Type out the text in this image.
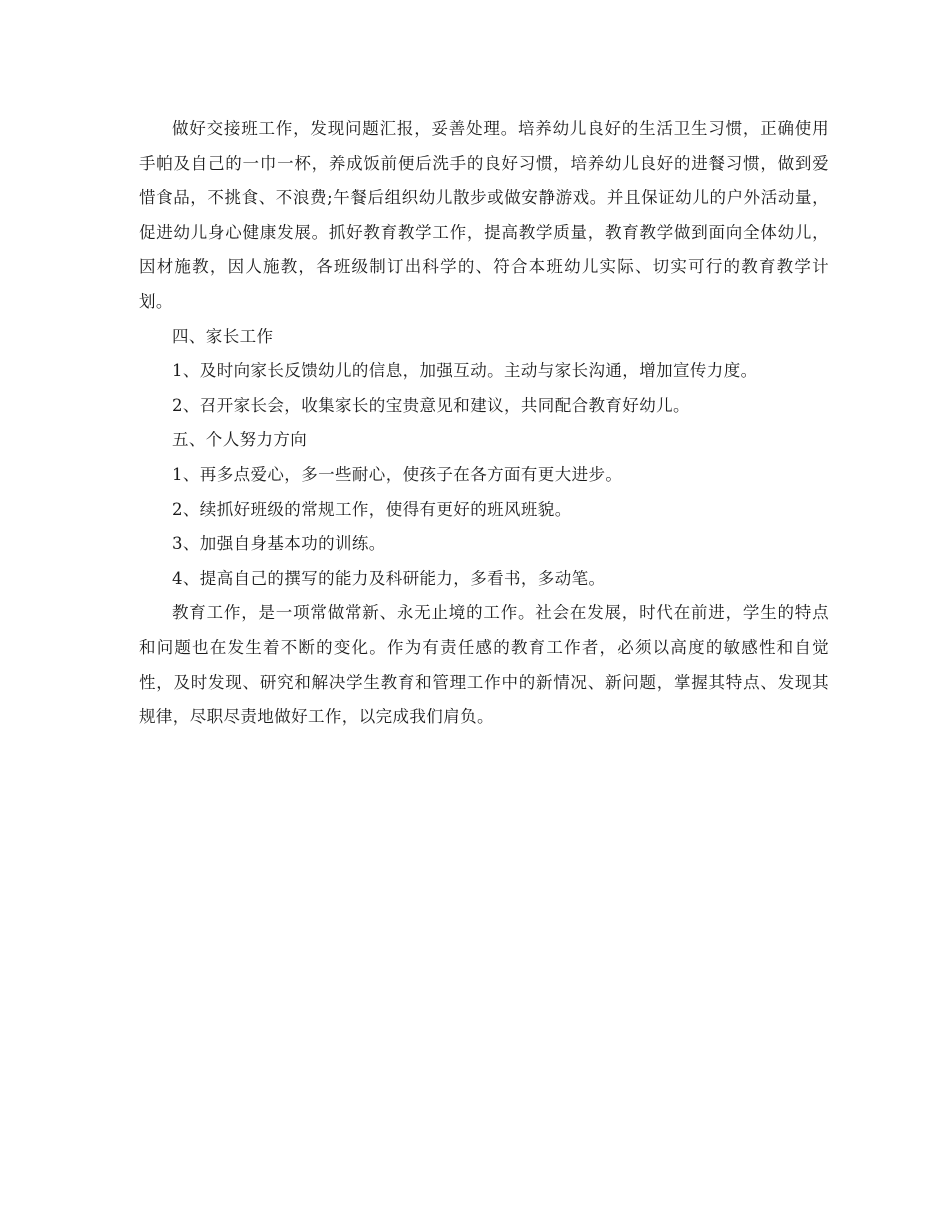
做好交接班工作，发现问题汇报，妥善处理。培养幼儿良好的生活卫生习惯，正确使用手帕及自己的一巾一杯，养成饭前便后洗手的良好习惯，培养幼儿良好的进餐习惯，做到爱惜食品，不挑食、不浪费;午餐后组织幼儿散步或做安静游戏。并且保证幼儿的户外活动量，促进幼儿身心健康发展。抓好教育教学工作，提高教学质量，教育教学做到面向全体幼儿，因材施教，因人施教，各班级制订出科学的、符合本班幼儿实际、切实可行的教育教学计划。

四、家长工作

1、及时向家长反馈幼儿的信息，加强互动。主动与家长沟通，增加宣传力度。

2、召开家长会，收集家长的宝贵意见和建议，共同配合教育好幼儿。

五、个人努力方向

1、再多点爱心，多一些耐心，使孩子在各方面有更大进步。

2、续抓好班级的常规工作，使得有更好的班风班貌。

3、加强自身基本功的训练。

4、提高自己的撰写的能力及科研能力，多看书，多动笔。

教育工作，是一项常做常新、永无止境的工作。社会在发展，时代在前进，学生的特点和问题也在发生着不断的变化。作为有责任感的教育工作者，必须以高度的敏感性和自觉性，及时发现、研究和解决学生教育和管理工作中的新情况、新问题，掌握其特点、发现其规律，尽职尽责地做好工作，以完成我们肩负。
